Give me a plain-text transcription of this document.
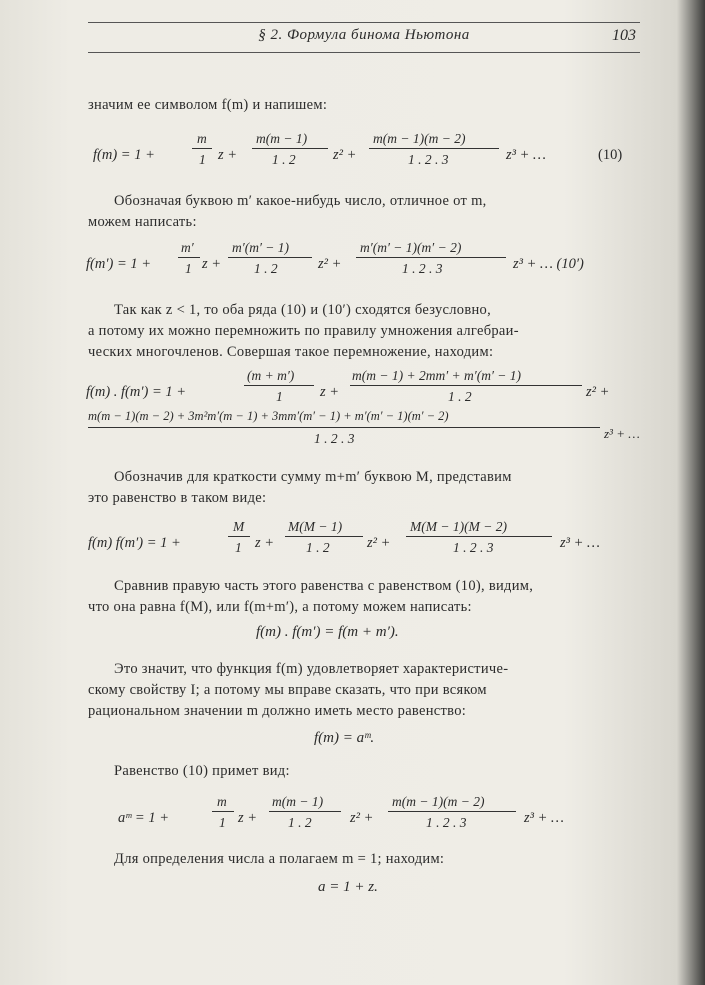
§ 2. Формула бинома Ньютона	103
значим ее символом f(m) и напишем:
f(m) = 1 +
m
1 z +
m(m − 1)
1 . 2	z² +
m(m − 1)(m − 2)
1 . 2 . 3	z³ + …	(10)
Обозначая буквою m′ какое-нибудь число, отличное от m,
можем написать:
f(m′) = 1 +
m′
1 z +
m′(m′ − 1)
1 . 2	z² +
m′(m′ − 1)(m′ − 2)
1 . 2 . 3	z³ + … (10′)
Так как z < 1, то оба ряда (10) и (10′) сходятся безусловно,
а потому их можно перемножить по правилу умножения алгебраи-
ческих многочленов. Совершая такое перемножение, находим:
f(m) . f(m′) = 1 +
(m + m′)
1	z +
m(m − 1) + 2mm′ + m′(m′ − 1)
1 . 2	z² +
m(m − 1)(m − 2) + 3m²m′(m − 1) + 3mm′(m′ − 1) + m′(m′ − 1)(m′ − 2)
1 . 2 . 3	z³ + …
Обозначив для краткости сумму m+m′ буквою M, представим
это равенство в таком виде:
f(m) f(m′) = 1 +
M
1 z +
M(M − 1)
1 . 2	z² +
M(M − 1)(M − 2)
1 . 2 . 3	z³ + …
Сравнив правую часть этого равенства с равенством (10), видим,
что она равна f(M), или f(m+m′), а потому можем написать:
f(m) . f(m′) = f(m + m′).
Это значит, что функция f(m) удовлетворяет характеристиче-
скому свойству I; а потому мы вправе сказать, что при всяком
рациональном значении m должно иметь место равенство:
f(m) = aᵐ.
Равенство (10) примет вид:
aᵐ = 1 +
m
1 z +
m(m − 1)
1 . 2	z² +
m(m − 1)(m − 2)
1 . 2 . 3	z³ + …
Для определения числа a полагаем m = 1; находим:
a = 1 + z.
